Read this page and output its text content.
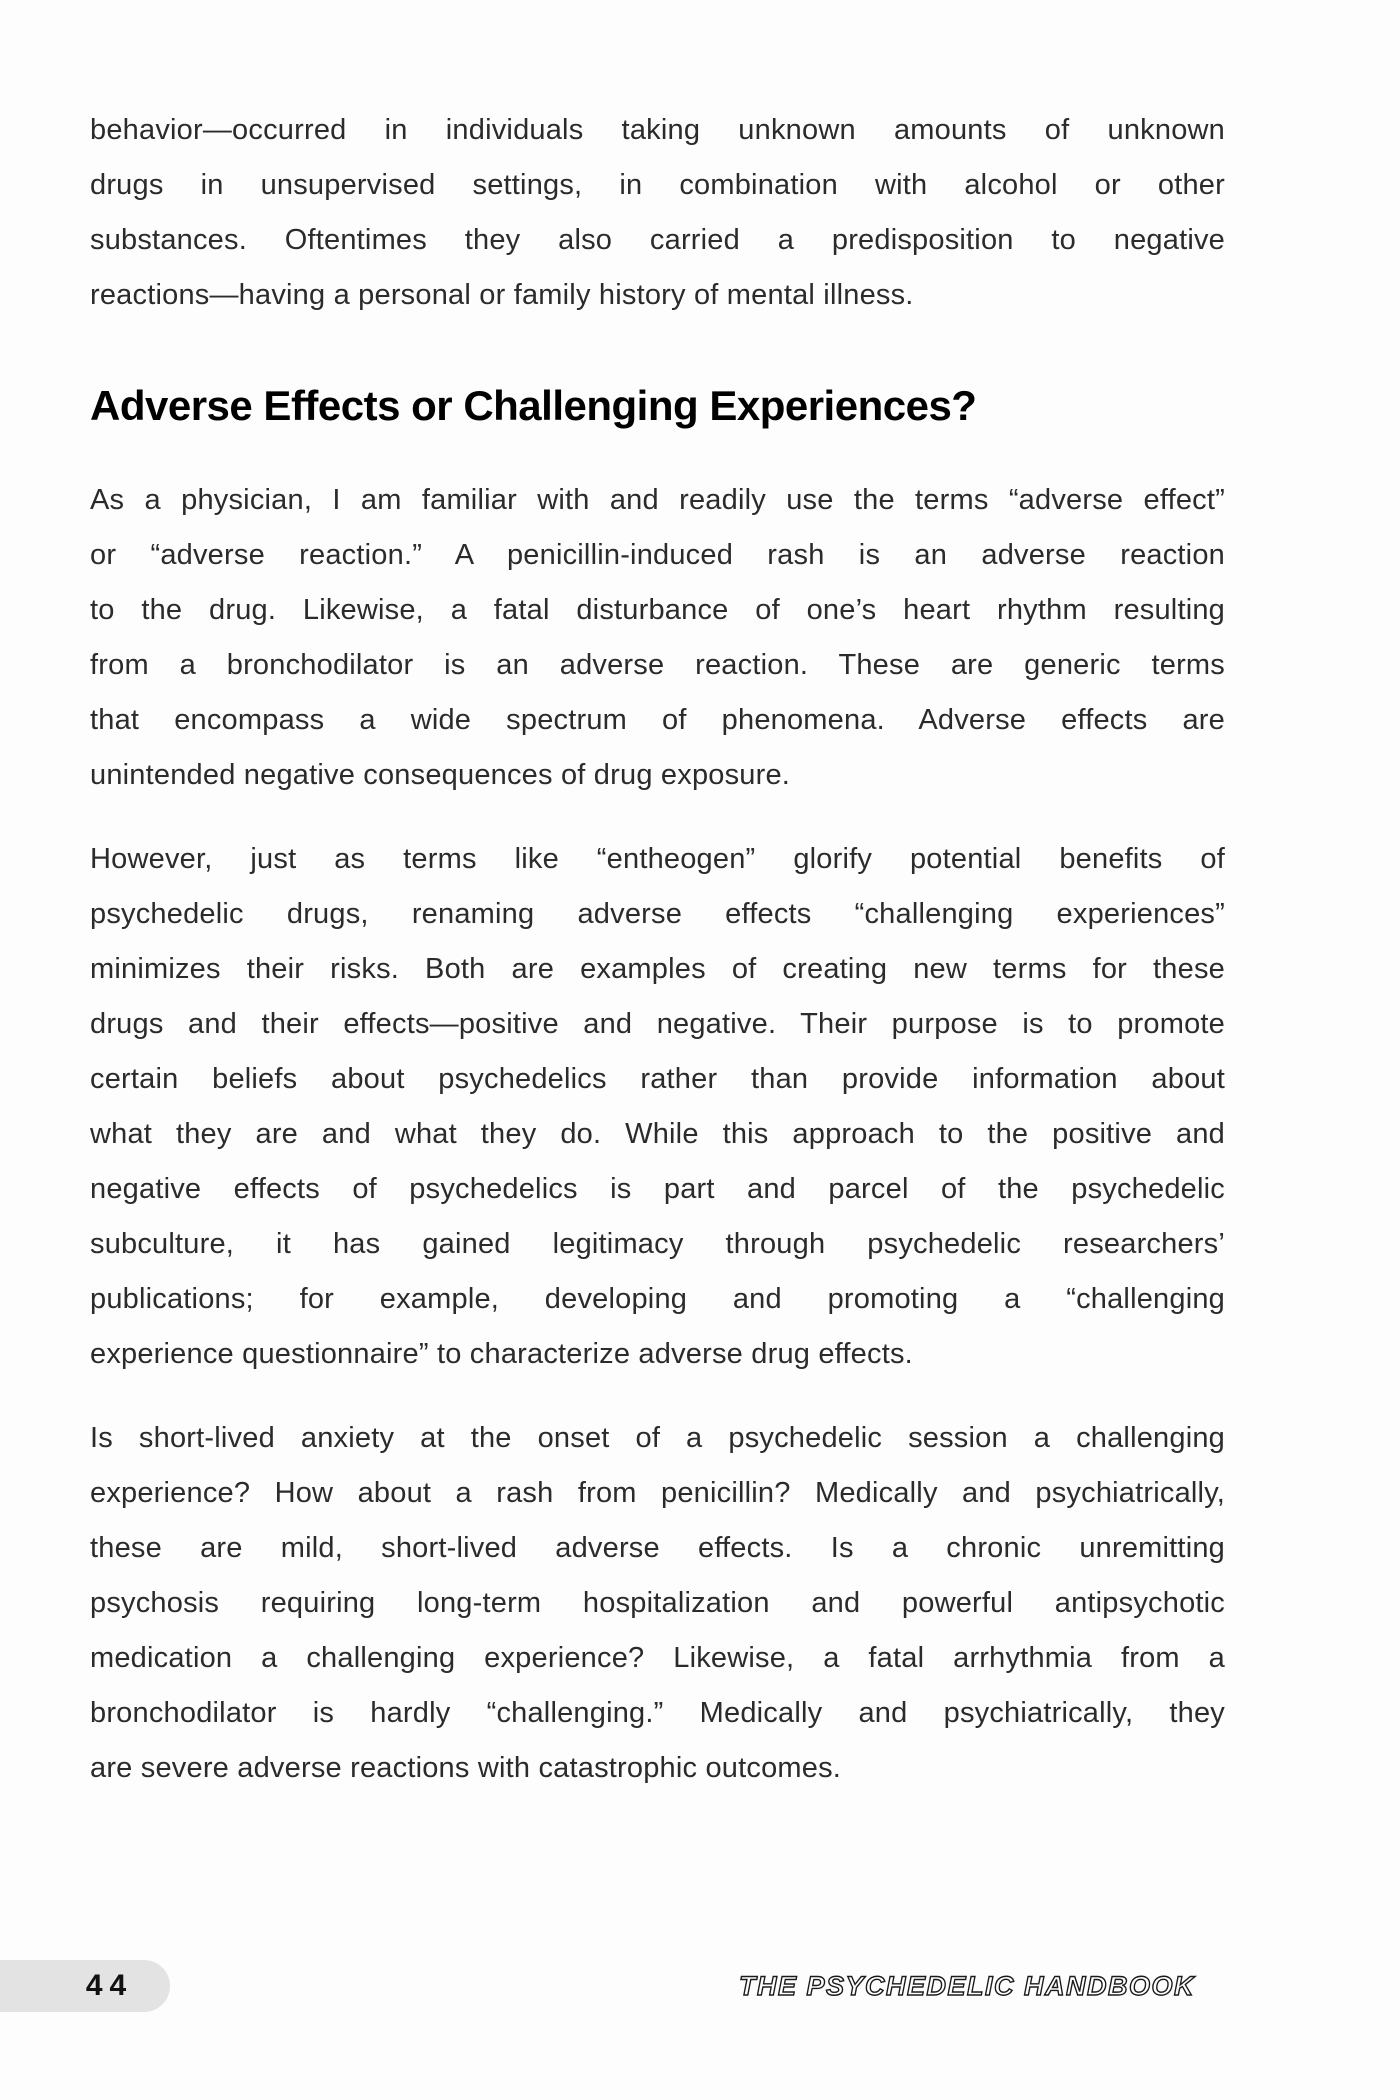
behavior—occurred in individuals taking unknown amounts of unknown
drugs in unsupervised settings, in combination with alcohol or other
substances. Oftentimes they also carried a predisposition to negative
reactions—having a personal or family history of mental illness.
Adverse Effects or Challenging Experiences?
As a physician, I am familiar with and readily use the terms “adverse effect”
or “adverse reaction.” A penicillin-induced rash is an adverse reaction
to the drug. Likewise, a fatal disturbance of one’s heart rhythm resulting
from a bronchodilator is an adverse reaction. These are generic terms
that encompass a wide spectrum of phenomena. Adverse effects are
unintended negative consequences of drug exposure.
However, just as terms like “entheogen” glorify potential benefits of
psychedelic drugs, renaming adverse effects “challenging experiences”
minimizes their risks. Both are examples of creating new terms for these
drugs and their effects—positive and negative. Their purpose is to promote
certain beliefs about psychedelics rather than provide information about
what they are and what they do. While this approach to the positive and
negative effects of psychedelics is part and parcel of the psychedelic
subculture, it has gained legitimacy through psychedelic researchers’
publications; for example, developing and promoting a “challenging
experience questionnaire” to characterize adverse drug effects.
Is short-lived anxiety at the onset of a psychedelic session a challenging
experience? How about a rash from penicillin? Medically and psychiatrically,
these are mild, short-lived adverse effects. Is a chronic unremitting
psychosis requiring long-term hospitalization and powerful antipsychotic
medication a challenging experience? Likewise, a fatal arrhythmia from a
bronchodilator is hardly “challenging.” Medically and psychiatrically, they
are severe adverse reactions with catastrophic outcomes.
44	THE PSYCHEDELIC HANDBOOK
